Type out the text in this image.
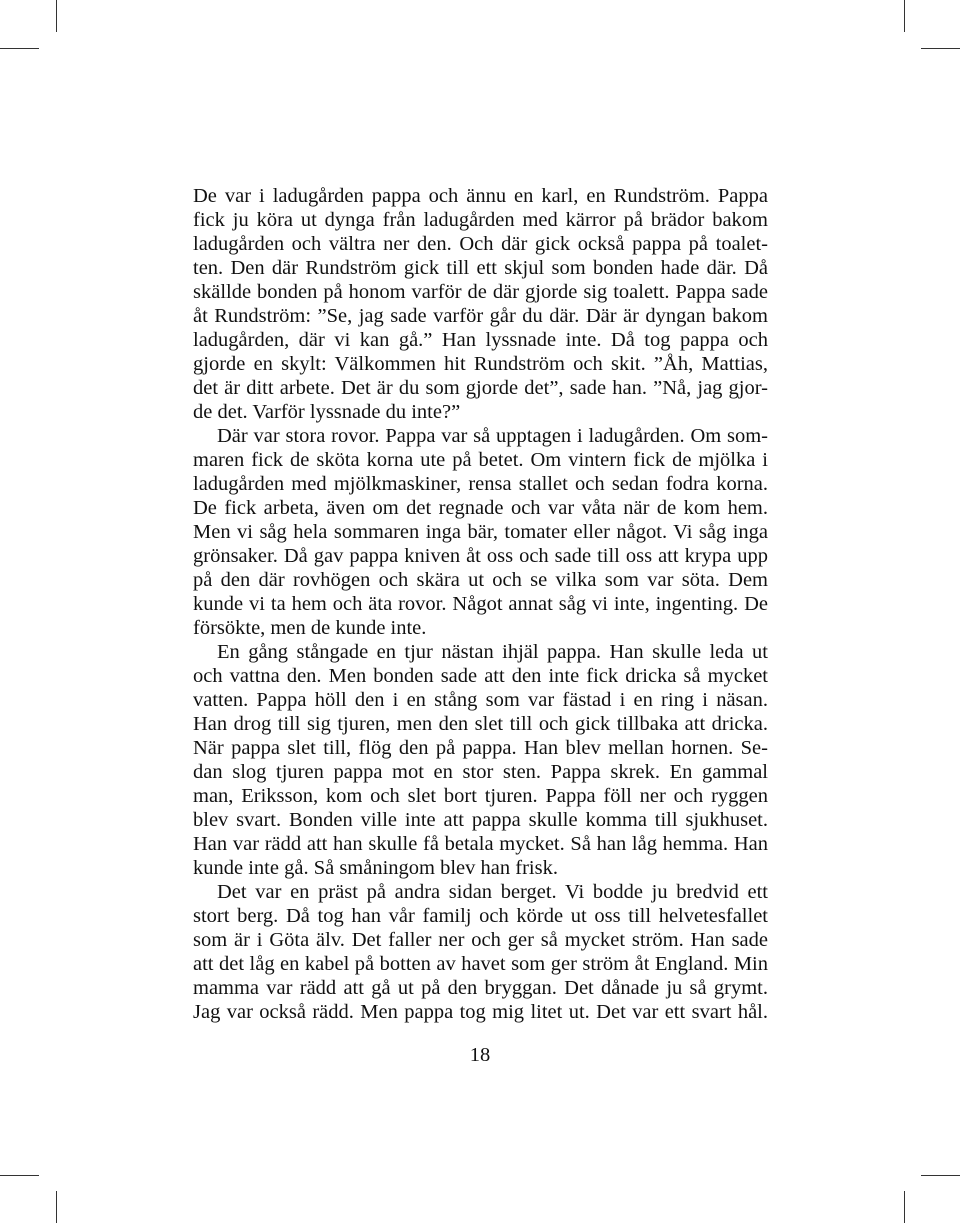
De var i ladugården pappa och ännu en karl, en Rundström. Pappa
fick ju köra ut dynga från ladugården med kärror på brädor bakom
ladugården och vältra ner den. Och där gick också pappa på toalet-
ten. Den där Rundström gick till ett skjul som bonden hade där. Då
skällde bonden på honom varför de där gjorde sig toalett. Pappa sade
åt Rundström: ”Se, jag sade varför går du där. Där är dyngan bakom
ladugården, där vi kan gå.” Han lyssnade inte. Då tog pappa och
gjorde en skylt: Välkommen hit Rundström och skit. ”Åh, Mattias,
det är ditt arbete. Det är du som gjorde det”, sade han. ”Nå, jag gjor-
de det. Varför lyssnade du inte?”
Där var stora rovor. Pappa var så upptagen i ladugården. Om som-
maren fick de sköta korna ute på betet. Om vintern fick de mjölka i
ladugården med mjölkmaskiner, rensa stallet och sedan fodra korna.
De fick arbeta, även om det regnade och var våta när de kom hem.
Men vi såg hela sommaren inga bär, tomater eller något. Vi såg inga
grönsaker. Då gav pappa kniven åt oss och sade till oss att krypa upp
på den där rovhögen och skära ut och se vilka som var söta. Dem
kunde vi ta hem och äta rovor. Något annat såg vi inte, ingenting. De
försökte, men de kunde inte.
En gång stångade en tjur nästan ihjäl pappa. Han skulle leda ut
och vattna den. Men bonden sade att den inte fick dricka så mycket
vatten. Pappa höll den i en stång som var fästad i en ring i näsan.
Han drog till sig tjuren, men den slet till och gick tillbaka att dricka.
När pappa slet till, flög den på pappa. Han blev mellan hornen. Se-
dan slog tjuren pappa mot en stor sten. Pappa skrek. En gammal
man, Eriksson, kom och slet bort tjuren. Pappa föll ner och ryggen
blev svart. Bonden ville inte att pappa skulle komma till sjukhuset.
Han var rädd att han skulle få betala mycket. Så han låg hemma. Han
kunde inte gå. Så småningom blev han frisk.
Det var en präst på andra sidan berget. Vi bodde ju bredvid ett
stort berg. Då tog han vår familj och körde ut oss till helvetesfallet
som är i Göta älv. Det faller ner och ger så mycket ström. Han sade
att det låg en kabel på botten av havet som ger ström åt England. Min
mamma var rädd att gå ut på den bryggan. Det dånade ju så grymt.
Jag var också rädd. Men pappa tog mig litet ut. Det var ett svart hål.
18
